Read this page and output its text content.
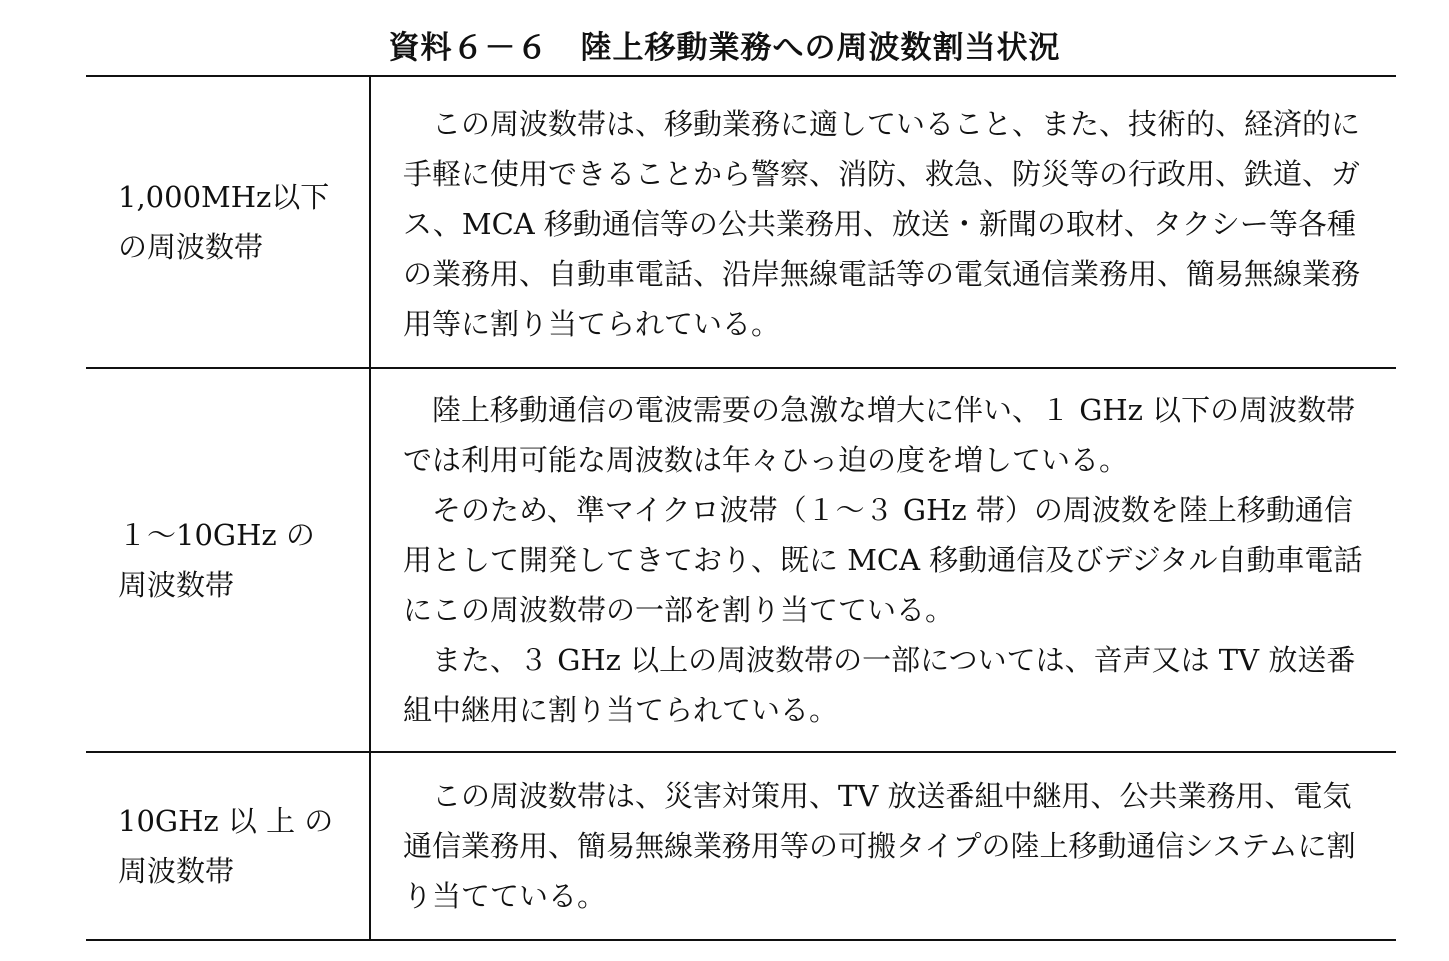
資料６－６　陸上移動業務への周波数割当状況
1,000MHz以下
の周波数帯

この周波数帯は、移動業務に適していること、また、技術的、経済的に手軽に使用できることから警察、消防、救急、防災等の行政用、鉄道、ガス、MCA 移動通信等の公共業務用、放送・新聞の取材、タクシー等各種の業務用、自動車電話、沿岸無線電話等の電気通信業務用、簡易無線業務用等に割り当てられている。

１～10GHz の
周波数帯

陸上移動通信の電波需要の急激な増大に伴い、１ GHz 以下の周波数帯では利用可能な周波数は年々ひっ迫の度を増している。

そのため、準マイクロ波帯（１～３ GHz 帯）の周波数を陸上移動通信用として開発してきており、既に MCA 移動通信及びデジタル自動車電話にこの周波数帯の一部を割り当てている。

また、３ GHz 以上の周波数帯の一部については、音声又は TV 放送番組中継用に割り当てられている。

10GHz 以 上 の
周波数帯

この周波数帯は、災害対策用、TV 放送番組中継用、公共業務用、電気通信業務用、簡易無線業務用等の可搬タイプの陸上移動通信システムに割り当てている。
